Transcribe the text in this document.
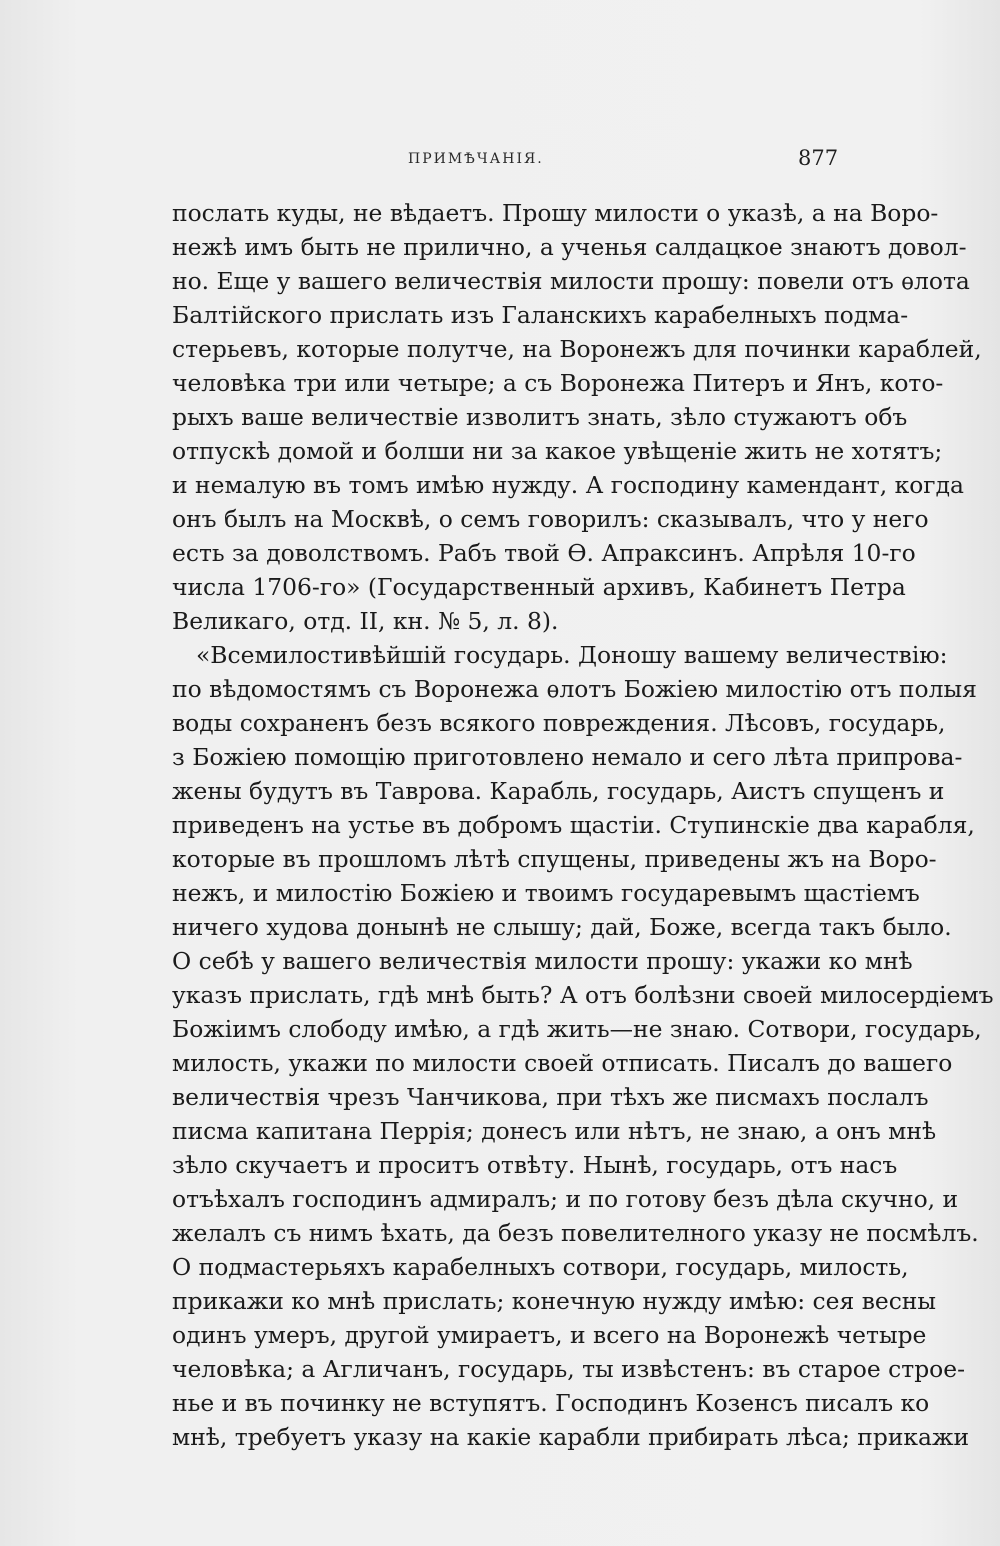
ПРИМѢЧАНІЯ.	877
послать куды, не вѣдаетъ. Прошу милости о указѣ, а на Воро-
нежѣ имъ быть не прилично, а ученья салдацкое знаютъ довол-
но. Еще у вашего величествія милости прошу: повели отъ ѳлота
Балтійского прислать изъ Галанскихъ карабелныхъ подма-
стерьевъ, которые полутче, на Воронежъ для починки караблей,
человѣка три или четыре; а съ Воронежа Питеръ и Янъ, кото-
рыхъ ваше величествіе изволитъ знать, зѣло стужаютъ объ
отпускѣ домой и болши ни за какое увѣщеніе жить не хотятъ;
и немалую въ томъ имѣю нужду. А господину камендант, когда
онъ былъ на Москвѣ, о семъ говорилъ: сказывалъ, что у него
есть за доволствомъ. Рабъ твой Ѳ. Апраксинъ. Апрѣля 10-го
числа 1706-го» (Государственный архивъ, Кабинетъ Петра
Великаго, отд. II, кн. № 5, л. 8).
«Всемилостивѣйшій государь. Доношу вашему величествію:
по вѣдомостямъ съ Воронежа ѳлотъ Божіею милостію отъ полыя
воды сохраненъ безъ всякого повреждения. Лѣсовъ, государь,
з Божіею помощію приготовлено немало и сего лѣта припрова-
жены будутъ въ Таврова. Карабль, государь, Аистъ спущенъ и
приведенъ на устье въ добромъ щастіи. Ступинскіе два карабля,
которые въ прошломъ лѣтѣ спущены, приведены жъ на Воро-
нежъ, и милостію Божіею и твоимъ государевымъ щастіемъ
ничего худова донынѣ не слышу; дай, Боже, всегда такъ было.
О себѣ у вашего величествія милости прошу: укажи ко мнѣ
указъ прислать, гдѣ мнѣ быть? А отъ болѣзни своей милосердіемъ
Божіимъ слободу имѣю, а гдѣ жить—не знаю. Сотвори, государь,
милость, укажи по милости своей отписать. Писалъ до вашего
величествія чрезъ Чанчикова, при тѣхъ же писмахъ послалъ
писма капитана Перрія; донесъ или нѣтъ, не знаю, а онъ мнѣ
зѣло скучаетъ и проситъ отвѣту. Нынѣ, государь, отъ насъ
отъѣхалъ господинъ адмиралъ; и по готову безъ дѣла скучно, и
желалъ съ нимъ ѣхать, да безъ повелителного указу не посмѣлъ.
О подмастерьяхъ карабелныхъ сотвори, государь, милость,
прикажи ко мнѣ прислать; конечную нужду имѣю: сея весны
одинъ умеръ, другой умираетъ, и всего на Воронежѣ четыре
человѣка; а Агличанъ, государь, ты извѣстенъ: въ старое строе-
нье и въ починку не вступятъ. Господинъ Козенсъ писалъ ко
мнѣ, требуетъ указу на какіе карабли прибирать лѣса; прикажи
